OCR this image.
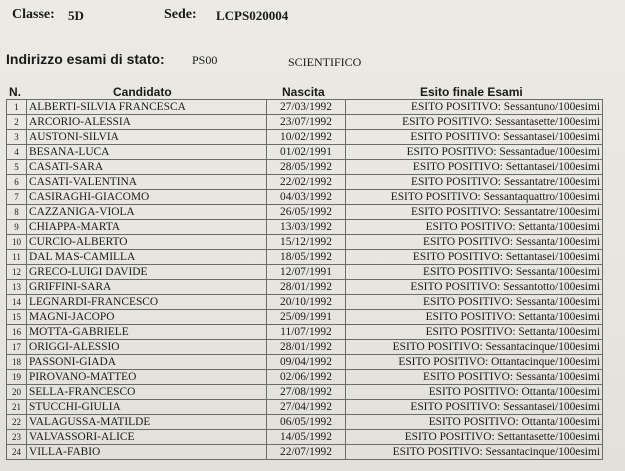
Classe: 5D	Sede: LCPS020004
Indirizzo esami di stato: PS00	SCIENTIFICO
N.	Candidato	Nascita	Esito finale Esami
1	ALBERTI-SILVIA FRANCESCA	27/03/1992	ESITO POSITIVO: Sessantuno/100esimi
2	ARCORIO-ALESSIA	23/07/1992	ESITO POSITIVO: Sessantasette/100esimi
3	AUSTONI-SILVIA	10/02/1992	ESITO POSITIVO: Sessantasei/100esimi
4	BESANA-LUCA	01/02/1991	ESITO POSITIVO: Sessantadue/100esimi
5	CASATI-SARA	28/05/1992	ESITO POSITIVO: Settantasei/100esimi
6	CASATI-VALENTINA	22/02/1992	ESITO POSITIVO: Sessantatre/100esimi
7	CASIRAGHI-GIACOMO	04/03/1992	ESITO POSITIVO: Sessantaquattro/100esimi
8	CAZZANIGA-VIOLA	26/05/1992	ESITO POSITIVO: Sessantatre/100esimi
9	CHIAPPA-MARTA	13/03/1992	ESITO POSITIVO: Settanta/100esimi
10	CURCIO-ALBERTO	15/12/1992	ESITO POSITIVO: Sessanta/100esimi
11	DAL MAS-CAMILLA	18/05/1992	ESITO POSITIVO: Settantasei/100esimi
12	GRECO-LUIGI DAVIDE	12/07/1991	ESITO POSITIVO: Sessanta/100esimi
13	GRIFFINI-SARA	28/01/1992	ESITO POSITIVO: Sessantotto/100esimi
14	LEGNARDI-FRANCESCO	20/10/1992	ESITO POSITIVO: Sessanta/100esimi
15	MAGNI-JACOPO	25/09/1991	ESITO POSITIVO: Settanta/100esimi
16	MOTTA-GABRIELE	11/07/1992	ESITO POSITIVO: Settanta/100esimi
17	ORIGGI-ALESSIO	28/01/1992	ESITO POSITIVO: Sessantacinque/100esimi
18	PASSONI-GIADA	09/04/1992	ESITO POSITIVO: Ottantacinque/100esimi
19	PIROVANO-MATTEO	02/06/1992	ESITO POSITIVO: Sessanta/100esimi
20	SELLA-FRANCESCO	27/08/1992	ESITO POSITIVO: Ottanta/100esimi
21	STUCCHI-GIULIA	27/04/1992	ESITO POSITIVO: Sessantasei/100esimi
22	VALAGUSSA-MATILDE	06/05/1992	ESITO POSITIVO: Ottanta/100esimi
23	VALVASSORI-ALICE	14/05/1992	ESITO POSITIVO: Settantasette/100esimi
24	VILLA-FABIO	22/07/1992	ESITO POSITIVO: Sessantacinque/100esimi
